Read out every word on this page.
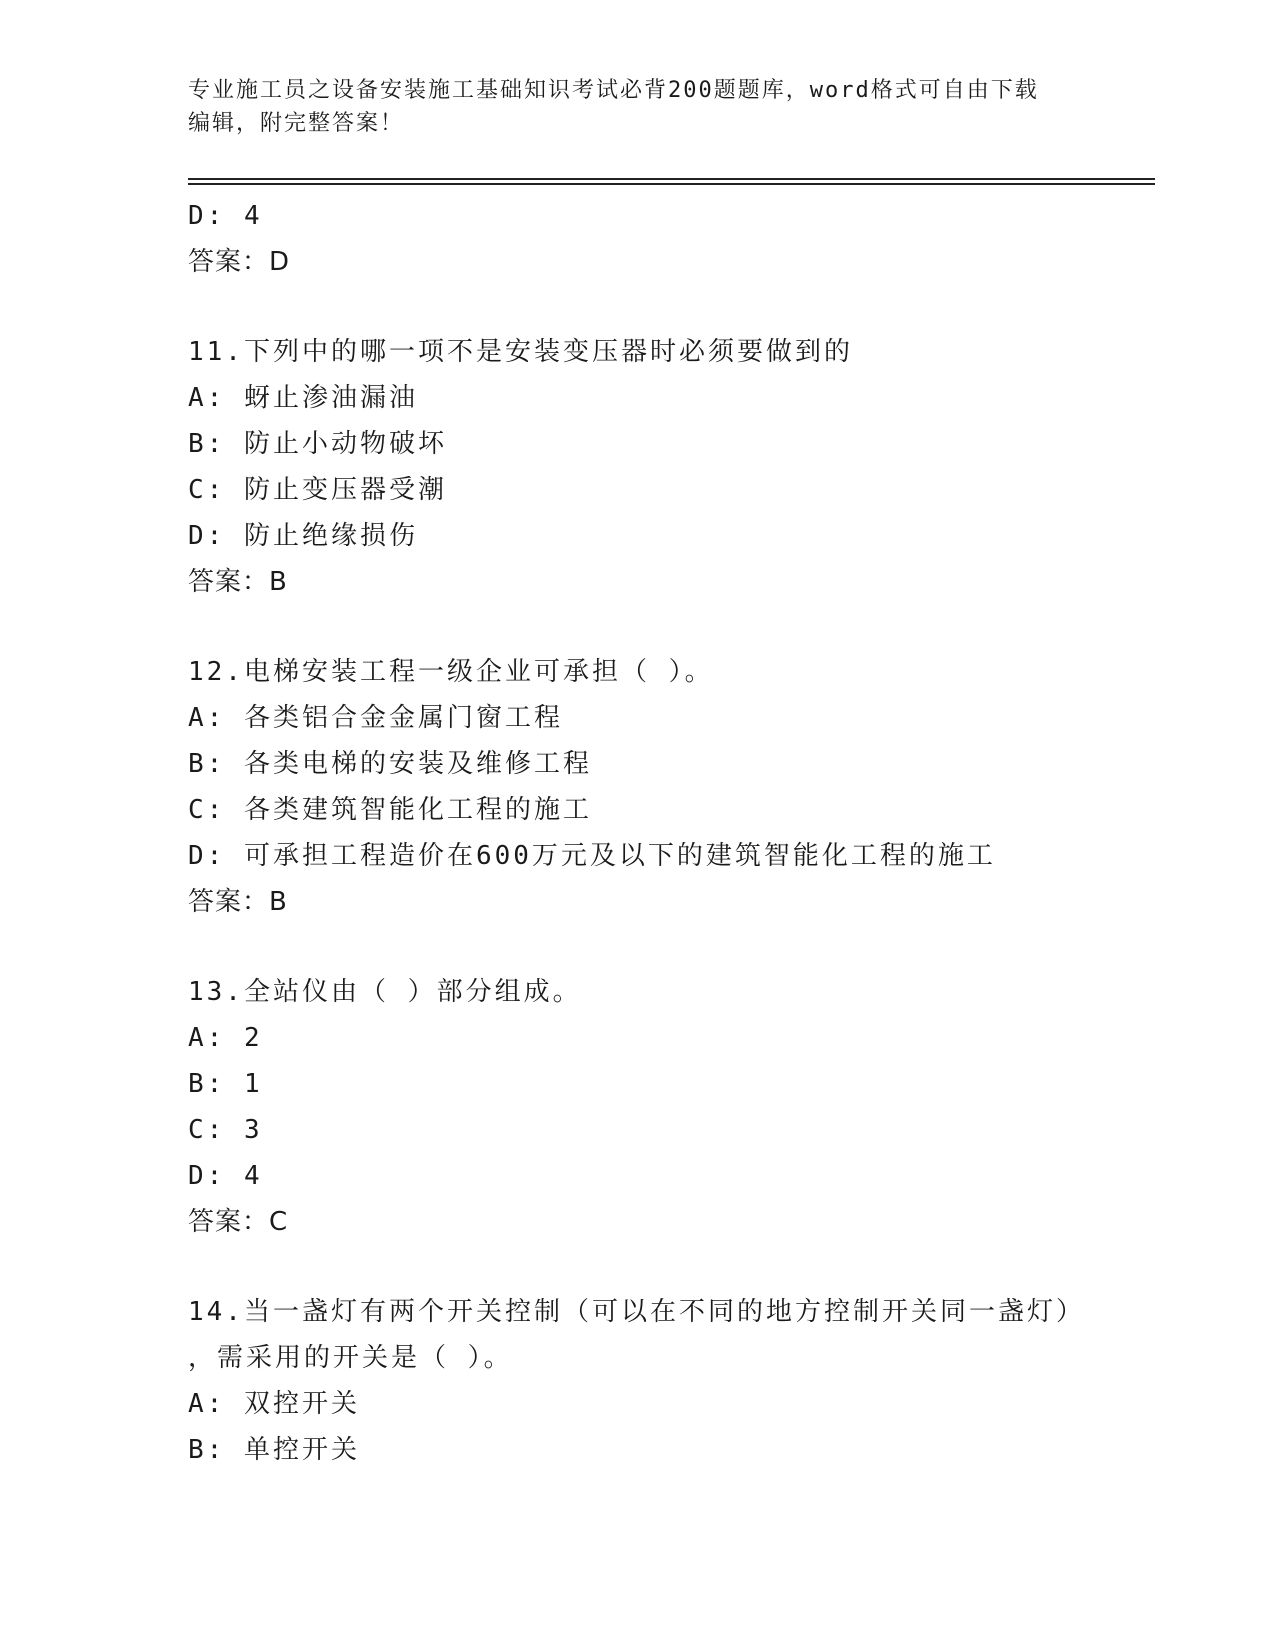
专业施工员之设备安装施工基础知识考试必背200题题库，word格式可自由下载
编辑，附完整答案！
D: 4
答案：D
11.下列中的哪一项不是安装变压器时必须要做到的
A: 蚜止渗油漏油
B: 防止小动物破坏
C: 防止变压器受潮
D: 防止绝缘损伤
答案：B
12.电梯安装工程一级企业可承担（ ）。
A: 各类铝合金金属门窗工程
B: 各类电梯的安装及维修工程
C: 各类建筑智能化工程的施工
D: 可承担工程造价在600万元及以下的建筑智能化工程的施工
答案：B
13.全站仪由（ ）部分组成。
A: 2
B: 1
C: 3
D: 4
答案：C
14.当一盏灯有两个开关控制（可以在不同的地方控制开关同一盏灯）
，需采用的开关是（ ）。
A: 双控开关
B: 单控开关
